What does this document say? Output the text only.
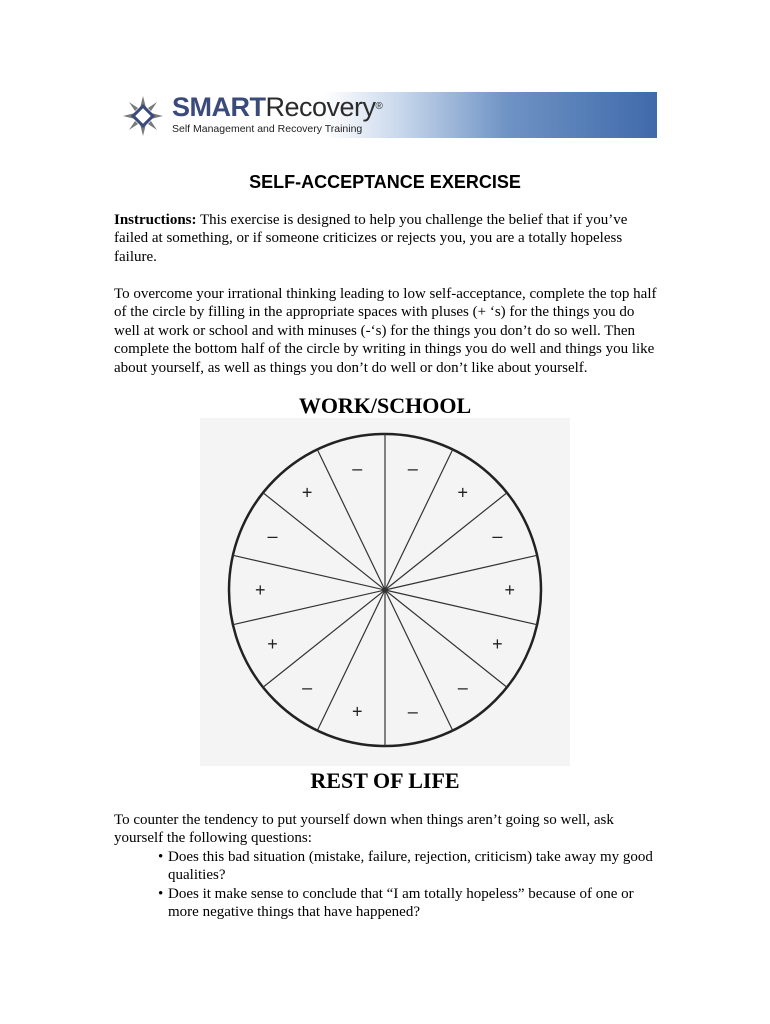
SMARTRecovery®
Self Management and Recovery Training
SELF-ACCEPTANCE EXERCISE

Instructions: This exercise is designed to help you challenge the belief that if you’ve failed at something, or if someone criticizes or rejects you, you are a totally hopeless failure.

To overcome your irrational thinking leading to low self-acceptance, complete the top half of the circle by filling in the appropriate spaces with pluses (+ ‘s) for the things you do well at work or school and with minuses (-‘s) for the things you don’t do so well. Then complete the bottom half of the circle by writing in things you do well and things you like about yourself, as well as things you don’t do well or don’t like about yourself.

WORK/SCHOOL
–
+
–
+
+
–
–
+
–
+
+
–
+
–
REST OF LIFE

To counter the tendency to put yourself down when things aren’t going so well, ask yourself the following questions:

• Does this bad situation (mistake, failure, rejection, criticism) take away my good qualities?
• Does it make sense to conclude that “I am totally hopeless” because of one or more negative things that have happened?
